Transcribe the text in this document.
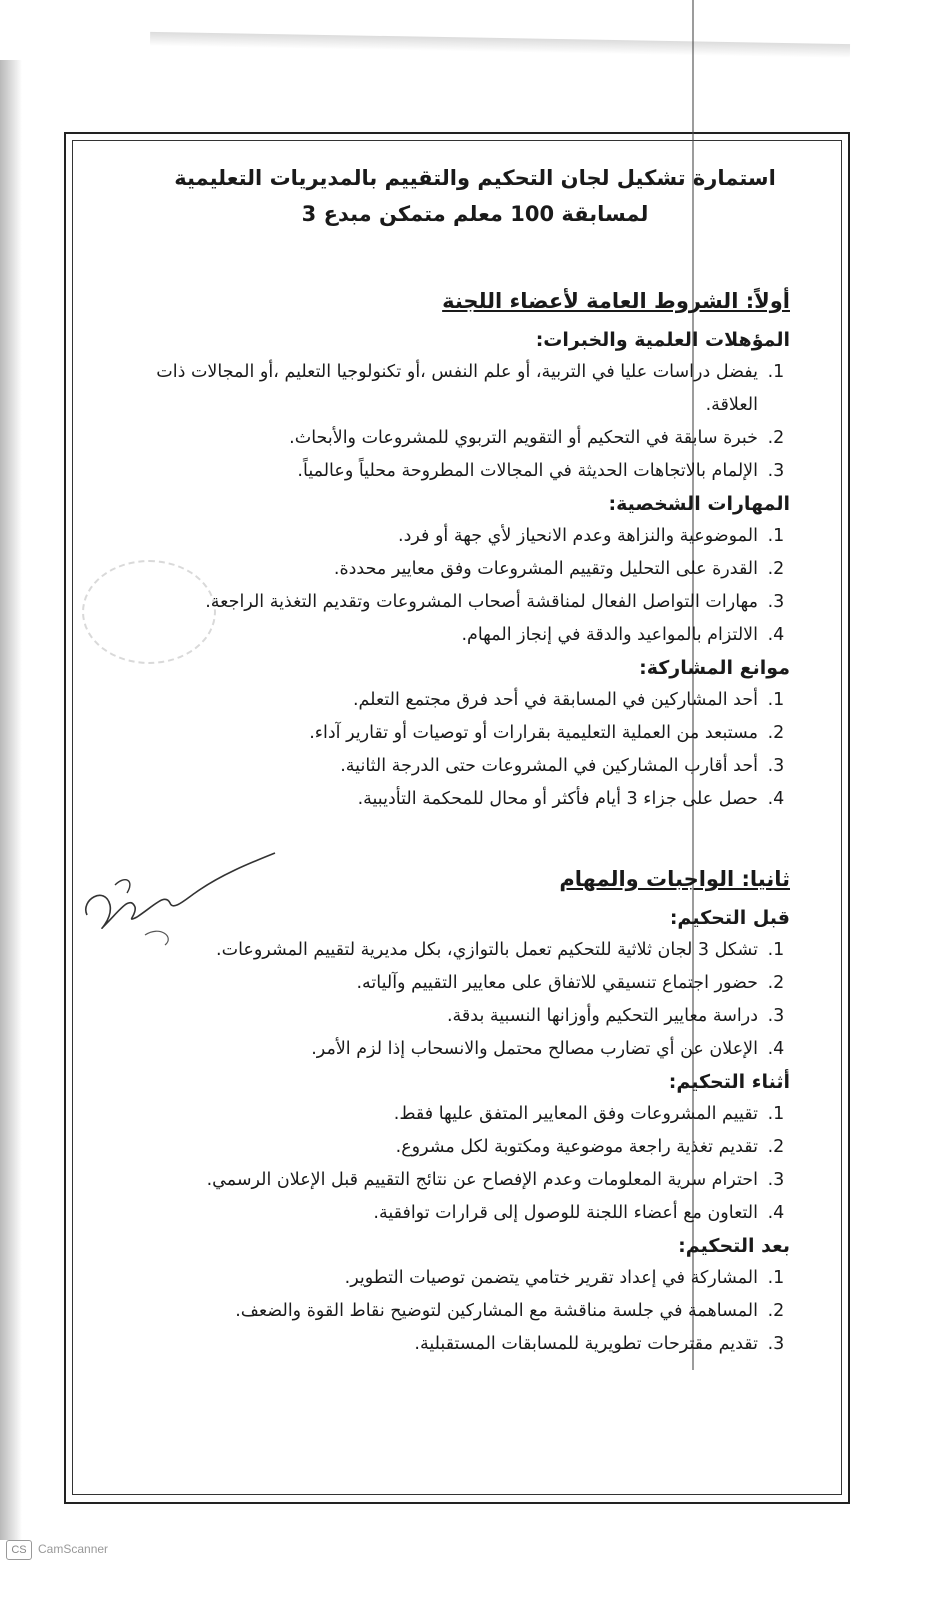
استمارة تشكيل لجان التحكيم والتقييم بالمديريات التعليمية
لمسابقة 100 معلم متمكن مبدع 3
أولاً: الشروط العامة لأعضاء اللجنة
المؤهلات العلمية والخبرات:
1. يفضل دراسات عليا في التربية، أو علم النفس ،أو تكنولوجيا التعليم ،أو المجالات ذات العلاقة.
2. خبرة سابقة في التحكيم أو التقويم التربوي للمشروعات والأبحاث.
3. الإلمام بالاتجاهات الحديثة في المجالات المطروحة محلياً وعالمياً.
المهارات الشخصية:
1. الموضوعية والنزاهة وعدم الانحياز لأي جهة أو فرد.
2. القدرة على التحليل وتقييم المشروعات وفق معايير محددة.
3. مهارات التواصل الفعال لمناقشة أصحاب المشروعات وتقديم التغذية الراجعة.
4. الالتزام بالمواعيد والدقة في إنجاز المهام.
موانع المشاركة:
1. أحد المشاركين في المسابقة في أحد فرق مجتمع التعلم.
2. مستبعد من العملية التعليمية بقرارات أو توصيات أو تقارير آداء.
3. أحد أقارب المشاركين في المشروعات حتى الدرجة الثانية.
4. حصل على جزاء 3 أيام فأكثر أو محال للمحكمة التأديبية.
ثانيا: الواجبات والمهام
قبل التحكيم:
1. تشكل 3 لجان ثلاثية للتحكيم تعمل بالتوازي، بكل مديرية لتقييم المشروعات.
2. حضور اجتماع تنسيقي للاتفاق على معايير التقييم وآلياته.
3. دراسة معايير التحكيم وأوزانها النسبية بدقة.
4. الإعلان عن أي تضارب مصالح محتمل والانسحاب إذا لزم الأمر.
أثناء التحكيم:
1. تقييم المشروعات وفق المعايير المتفق عليها فقط.
2. تقديم تغذية راجعة موضوعية ومكتوبة لكل مشروع.
3. احترام سرية المعلومات وعدم الإفصاح عن نتائج التقييم قبل الإعلان الرسمي.
4. التعاون مع أعضاء اللجنة للوصول إلى قرارات توافقية.
بعد التحكيم:
1. المشاركة في إعداد تقرير ختامي يتضمن توصيات التطوير.
2. المساهمة في جلسة مناقشة مع المشاركين لتوضيح نقاط القوة والضعف.
3. تقديم مقترحات تطويرية للمسابقات المستقبلية.
CS CamScanner
